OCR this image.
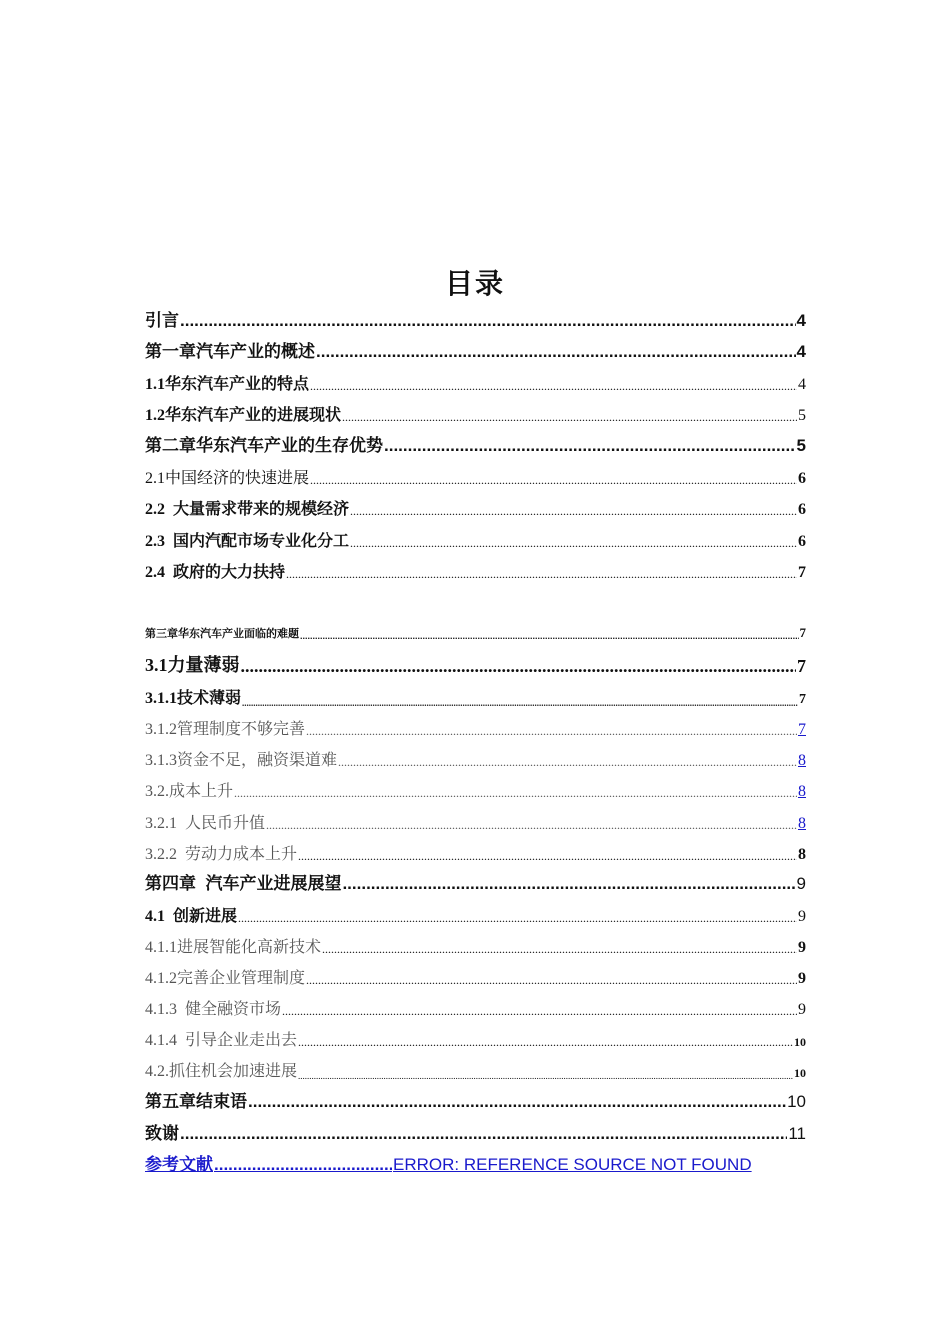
目录
引言 .....	4
第一章汽车产业的概述 .....	4
1.1华东汽车产业的特点 .....	4
1.2华东汽车产业的进展现状 .....	5
第二章华东汽车产业的生存优势 .....	5
2.1中国经济的快速进展 .....	6
2.2  大量需求带来的规模经济 .....	6
2.3  国内汽配市场专业化分工 .....	6
2.4  政府的大力扶持 .....	7
第三章华东汽车产业面临的难题 .....	7
3.1力量薄弱 .....	7
3.1.1技术薄弱 .....	7
3.1.2管理制度不够完善 .....	7
3.1.3资金不足，融资渠道难 .....	8
3.2.成本上升 .....	8
3.2.1  人民币升值 .....	8
3.2.2  劳动力成本上升 .....	8
第四章  汽车产业进展展望 .....	9
4.1  创新进展 .....	9
4.1.1进展智能化高新技术 .....	9
4.1.2完善企业管理制度 .....	9
4.1.3  健全融资市场 .....	9
4.1.4  引导企业走出去 .....	10
4.2.抓住机会加速进展 .....	10
第五章结束语 .....	10
致谢 .....	11
参考文献 .....	ERROR: REFERENCE SOURCE NOT FOUND
